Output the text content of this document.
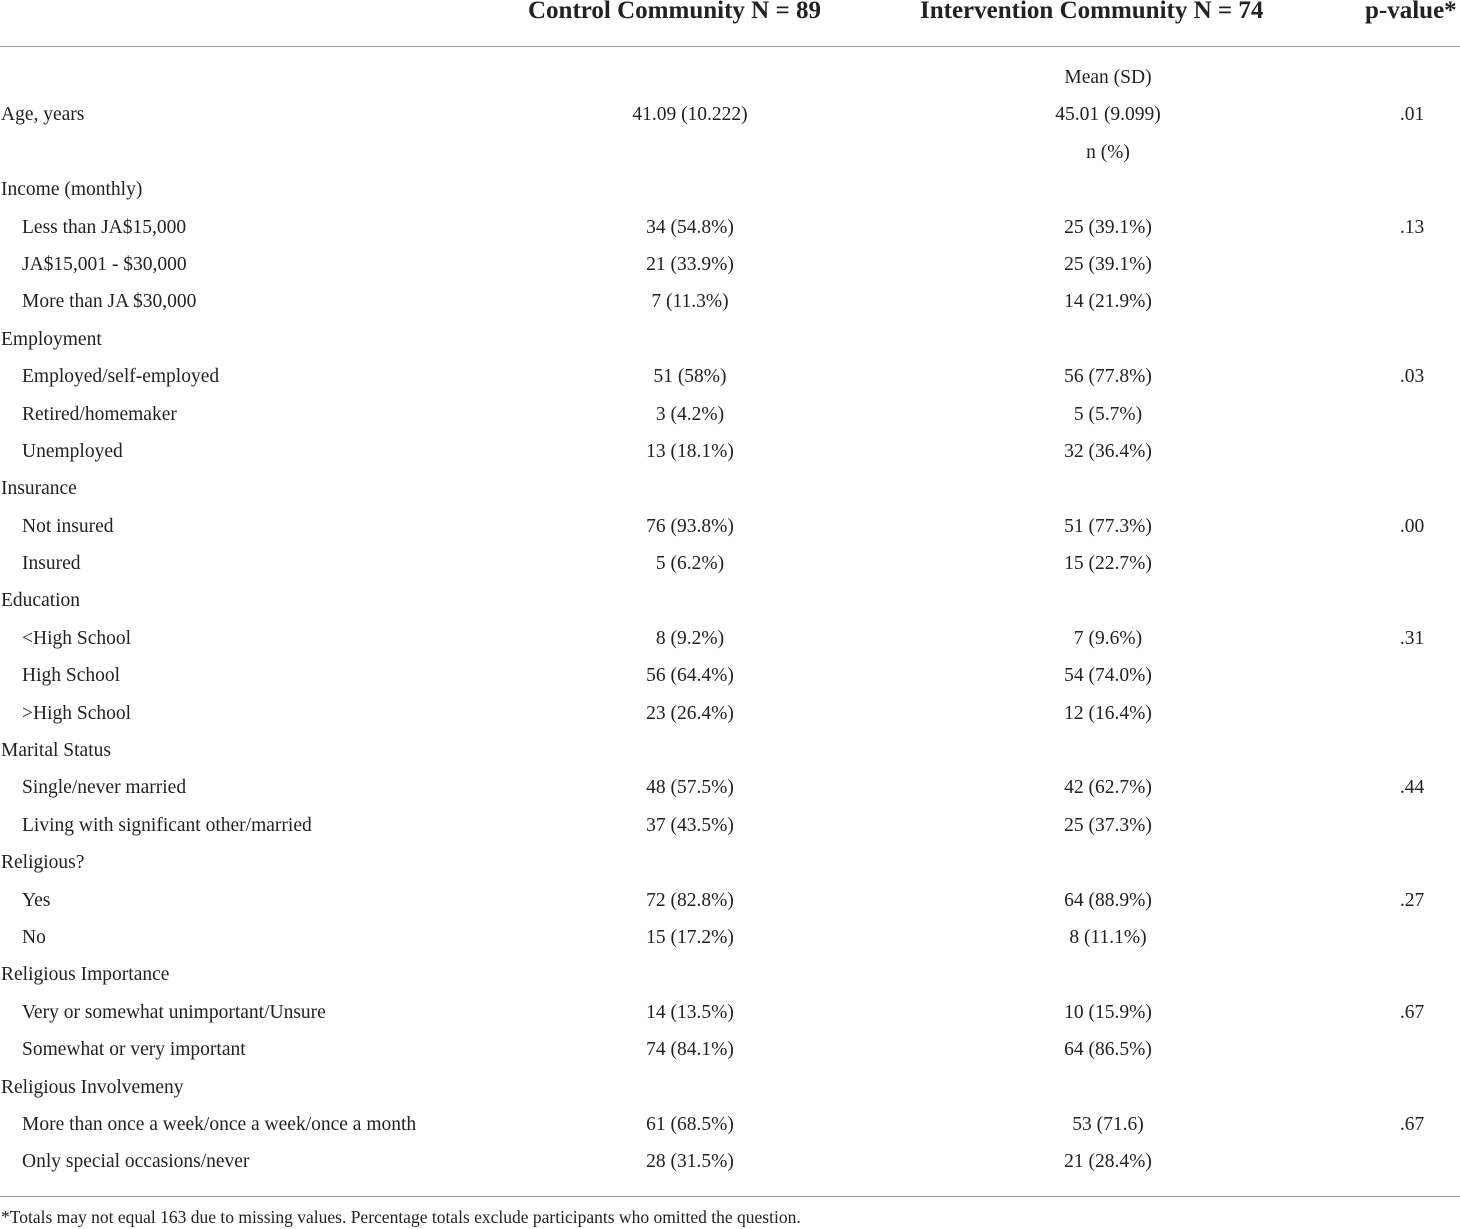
Control Community N = 89	Intervention Community N = 74	p-value*
Mean (SD)
Age, years	41.09 (10.222)	45.01 (9.099)	.01
n (%)
Income (monthly)
Less than JA$15,000	34 (54.8%)	25 (39.1%)	.13
JA$15,001 - $30,000	21 (33.9%)	25 (39.1%)
More than JA $30,000	7 (11.3%)	14 (21.9%)
Employment
Employed/self-employed	51 (58%)	56 (77.8%)	.03
Retired/homemaker	3 (4.2%)	5 (5.7%)
Unemployed	13 (18.1%)	32 (36.4%)
Insurance
Not insured	76 (93.8%)	51 (77.3%)	.00
Insured	5 (6.2%)	15 (22.7%)
Education
<High School	8 (9.2%)	7 (9.6%)	.31
High School	56 (64.4%)	54 (74.0%)
>High School	23 (26.4%)	12 (16.4%)
Marital Status
Single/never married	48 (57.5%)	42 (62.7%)	.44
Living with significant other/married	37 (43.5%)	25 (37.3%)
Religious?
Yes	72 (82.8%)	64 (88.9%)	.27
No	15 (17.2%)	8 (11.1%)
Religious Importance
Very or somewhat unimportant/Unsure	14 (13.5%)	10 (15.9%)	.67
Somewhat or very important	74 (84.1%)	64 (86.5%)
Religious Involvemeny
More than once a week/once a week/once a month	61 (68.5%)	53 (71.6)	.67
Only special occasions/never	28 (31.5%)	21 (28.4%)
*Totals may not equal 163 due to missing values. Percentage totals exclude participants who omitted the question.
